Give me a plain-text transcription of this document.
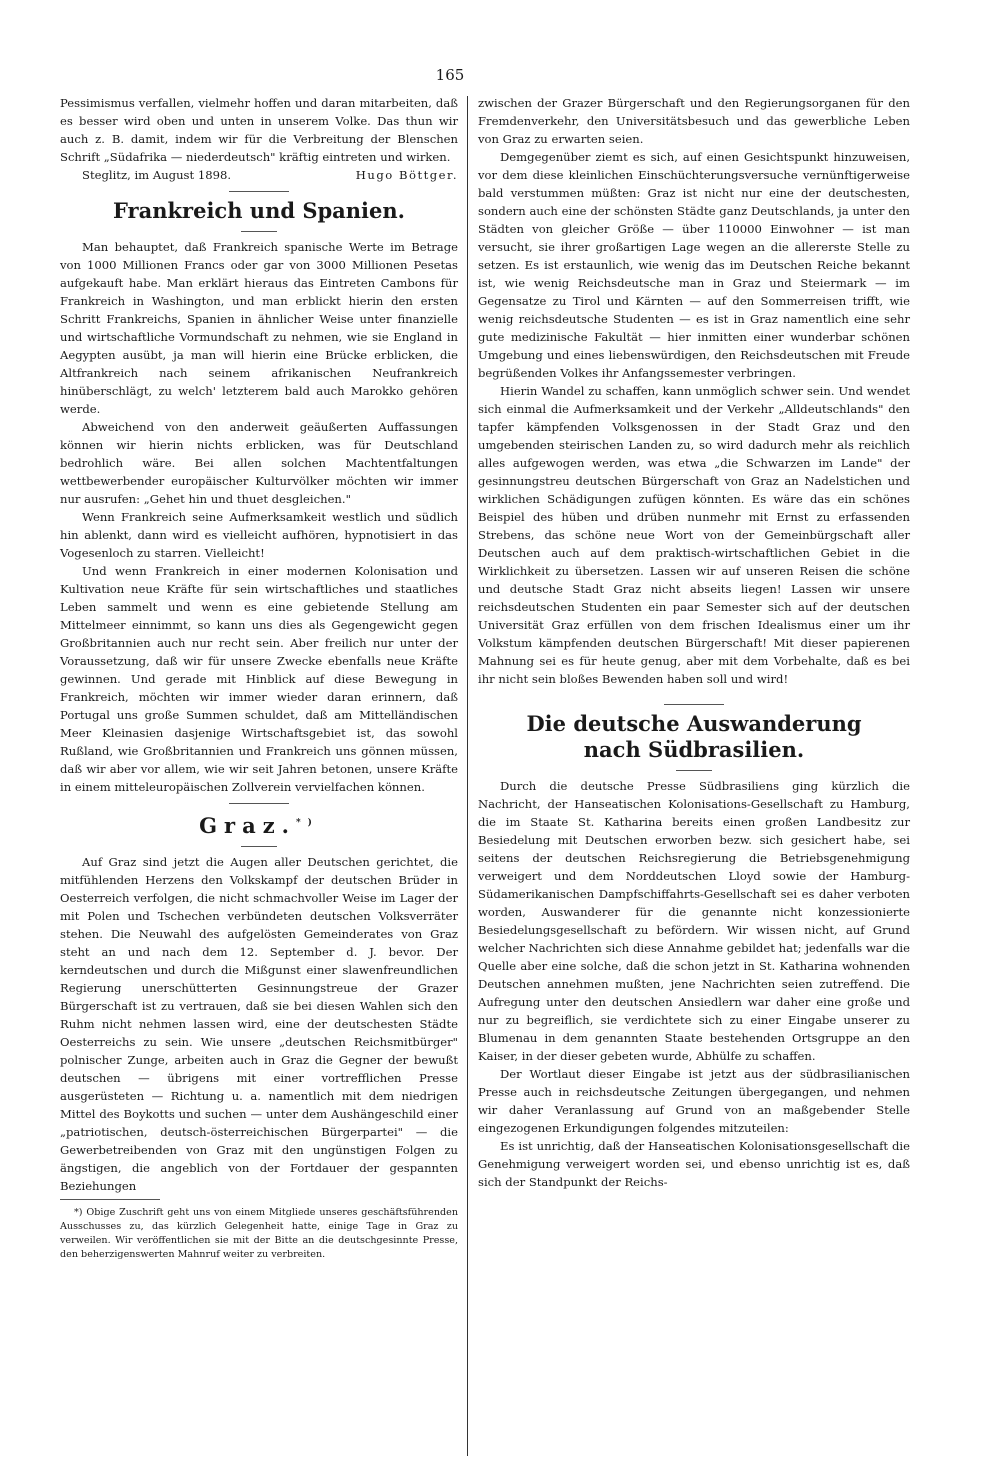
165

Pessimismus verfallen, vielmehr hoffen und daran mitarbeiten, daß es besser wird oben und unten in unserem Volke. Das thun wir auch z. B. damit, indem wir für die Verbreitung der Blenschen Schrift „Südafrika — niederdeutsch" kräftig eintreten und wirken.

Steglitz, im August 1898.	Hugo Böttger.
Frankreich und Spanien.

Man behauptet, daß Frankreich spanische Werte im Betrage von 1000 Millionen Francs oder gar von 3000 Millionen Pesetas aufgekauft habe. Man erklärt hieraus das Eintreten Cambons für Frankreich in Washington, und man erblickt hierin den ersten Schritt Frankreichs, Spanien in ähnlicher Weise unter finanzielle und wirtschaftliche Vormundschaft zu nehmen, wie sie England in Aegypten ausübt, ja man will hierin eine Brücke erblicken, die Altfrankreich nach seinem afrikanischen Neufrankreich hinüberschlägt, zu welch' letzterem bald auch Marokko gehören werde.

Abweichend von den anderweit geäußerten Auffassungen können wir hierin nichts erblicken, was für Deutschland bedrohlich wäre. Bei allen solchen Machtentfaltungen wettbewerbender europäischer Kulturvölker möchten wir immer nur ausrufen: „Gehet hin und thuet desgleichen."

Wenn Frankreich seine Aufmerksamkeit westlich und südlich hin ablenkt, dann wird es vielleicht aufhören, hypnotisiert in das Vogesenloch zu starren. Vielleicht!

Und wenn Frankreich in einer modernen Kolonisation und Kultivation neue Kräfte für sein wirtschaftliches und staatliches Leben sammelt und wenn es eine gebietende Stellung am Mittelmeer einnimmt, so kann uns dies als Gegengewicht gegen Großbritannien auch nur recht sein. Aber freilich nur unter der Voraussetzung, daß wir für unsere Zwecke ebenfalls neue Kräfte gewinnen. Und gerade mit Hinblick auf diese Bewegung in Frankreich, möchten wir immer wieder daran erinnern, daß Portugal uns große Summen schuldet, daß am Mittelländischen Meer Kleinasien dasjenige Wirtschaftsgebiet ist, das sowohl Rußland, wie Großbritannien und Frankreich uns gönnen müssen, daß wir aber vor allem, wie wir seit Jahren betonen, unsere Kräfte in einem mitteleuropäischen Zollverein vervielfachen können.

Graz.*)

Auf Graz sind jetzt die Augen aller Deutschen gerichtet, die mitfühlenden Herzens den Volkskampf der deutschen Brüder in Oesterreich verfolgen, die nicht schmachvoller Weise im Lager der mit Polen und Tschechen verbündeten deutschen Volksverräter stehen. Die Neuwahl des aufgelösten Gemeinderates von Graz steht an und nach dem 12. September d. J. bevor. Der kerndeutschen und durch die Mißgunst einer slawenfreundlichen Regierung unerschütterten Gesinnungstreue der Grazer Bürgerschaft ist zu vertrauen, daß sie bei diesen Wahlen sich den Ruhm nicht nehmen lassen wird, eine der deutschesten Städte Oesterreichs zu sein. Wie unsere „deutschen Reichsmitbürger" polnischer Zunge, arbeiten auch in Graz die Gegner der bewußt deutschen — übrigens mit einer vortrefflichen Presse ausgerüsteten — Richtung u. a. namentlich mit dem niedrigen Mittel des Boykotts und suchen — unter dem Aushängeschild einer „patriotischen, deutsch-österreichischen Bürgerpartei" — die Gewerbetreibenden von Graz mit den ungünstigen Folgen zu ängstigen, die angeblich von der Fortdauer der gespannten Beziehungen

*) Obige Zuschrift geht uns von einem Mitgliede unseres geschäftsführenden Ausschusses zu, das kürzlich Gelegenheit hatte, einige Tage in Graz zu verweilen. Wir veröffentlichen sie mit der Bitte an die deutschgesinnte Presse, den beherzigenswerten Mahnruf weiter zu verbreiten.

zwischen der Grazer Bürgerschaft und den Regierungsorganen für den Fremdenverkehr, den Universitätsbesuch und das gewerbliche Leben von Graz zu erwarten seien.

Demgegenüber ziemt es sich, auf einen Gesichtspunkt hinzuweisen, vor dem diese kleinlichen Einschüchterungsversuche vernünftigerweise bald verstummen müßten: Graz ist nicht nur eine der deutschesten, sondern auch eine der schönsten Städte ganz Deutschlands, ja unter den Städten von gleicher Größe — über 110000 Einwohner — ist man versucht, sie ihrer großartigen Lage wegen an die allererste Stelle zu setzen. Es ist erstaunlich, wie wenig das im Deutschen Reiche bekannt ist, wie wenig Reichsdeutsche man in Graz und Steiermark — im Gegensatze zu Tirol und Kärnten — auf den Sommerreisen trifft, wie wenig reichsdeutsche Studenten — es ist in Graz namentlich eine sehr gute medizinische Fakultät — hier inmitten einer wunderbar schönen Umgebung und eines liebenswürdigen, den Reichsdeutschen mit Freude begrüßenden Volkes ihr Anfangssemester verbringen.

Hierin Wandel zu schaffen, kann unmöglich schwer sein. Und wendet sich einmal die Aufmerksamkeit und der Verkehr „Alldeutschlands" den tapfer kämpfenden Volksgenossen in der Stadt Graz und den umgebenden steirischen Landen zu, so wird dadurch mehr als reichlich alles aufgewogen werden, was etwa „die Schwarzen im Lande" der gesinnungstreu deutschen Bürgerschaft von Graz an Nadelstichen und wirklichen Schädigungen zufügen könnten. Es wäre das ein schönes Beispiel des hüben und drüben nunmehr mit Ernst zu erfassenden Strebens, das schöne neue Wort von der Gemeinbürgschaft aller Deutschen auch auf dem praktisch-wirtschaftlichen Gebiet in die Wirklichkeit zu übersetzen. Lassen wir auf unseren Reisen die schöne und deutsche Stadt Graz nicht abseits liegen! Lassen wir unsere reichsdeutschen Studenten ein paar Semester sich auf der deutschen Universität Graz erfüllen von dem frischen Idealismus einer um ihr Volkstum kämpfenden deutschen Bürgerschaft! Mit dieser papierenen Mahnung sei es für heute genug, aber mit dem Vorbehalte, daß es bei ihr nicht sein bloßes Bewenden haben soll und wird!

Die deutsche Auswanderung
nach Südbrasilien.

Durch die deutsche Presse Südbrasiliens ging kürzlich die Nachricht, der Hanseatischen Kolonisations-Gesellschaft zu Hamburg, die im Staate St. Katharina bereits einen großen Landbesitz zur Besiedelung mit Deutschen erworben bezw. sich gesichert habe, sei seitens der deutschen Reichsregierung die Betriebsgenehmigung verweigert und dem Norddeutschen Lloyd sowie der Hamburg-Südamerikanischen Dampfschiffahrts-Gesellschaft sei es daher verboten worden, Auswanderer für die genannte nicht konzessionierte Besiedelungsgesellschaft zu befördern. Wir wissen nicht, auf Grund welcher Nachrichten sich diese Annahme gebildet hat; jedenfalls war die Quelle aber eine solche, daß die schon jetzt in St. Katharina wohnenden Deutschen annehmen mußten, jene Nachrichten seien zutreffend. Die Aufregung unter den deutschen Ansiedlern war daher eine große und nur zu begreiflich, sie verdichtete sich zu einer Eingabe unserer zu Blumenau in dem genannten Staate bestehenden Ortsgruppe an den Kaiser, in der dieser gebeten wurde, Abhülfe zu schaffen.

Der Wortlaut dieser Eingabe ist jetzt aus der südbrasilianischen Presse auch in reichsdeutsche Zeitungen übergegangen, und nehmen wir daher Veranlassung auf Grund von an maßgebender Stelle eingezogenen Erkundigungen folgendes mitzuteilen:

Es ist unrichtig, daß der Hanseatischen Kolonisationsgesellschaft die Genehmigung verweigert worden sei, und ebenso unrichtig ist es, daß sich der Standpunkt der Reichs-
